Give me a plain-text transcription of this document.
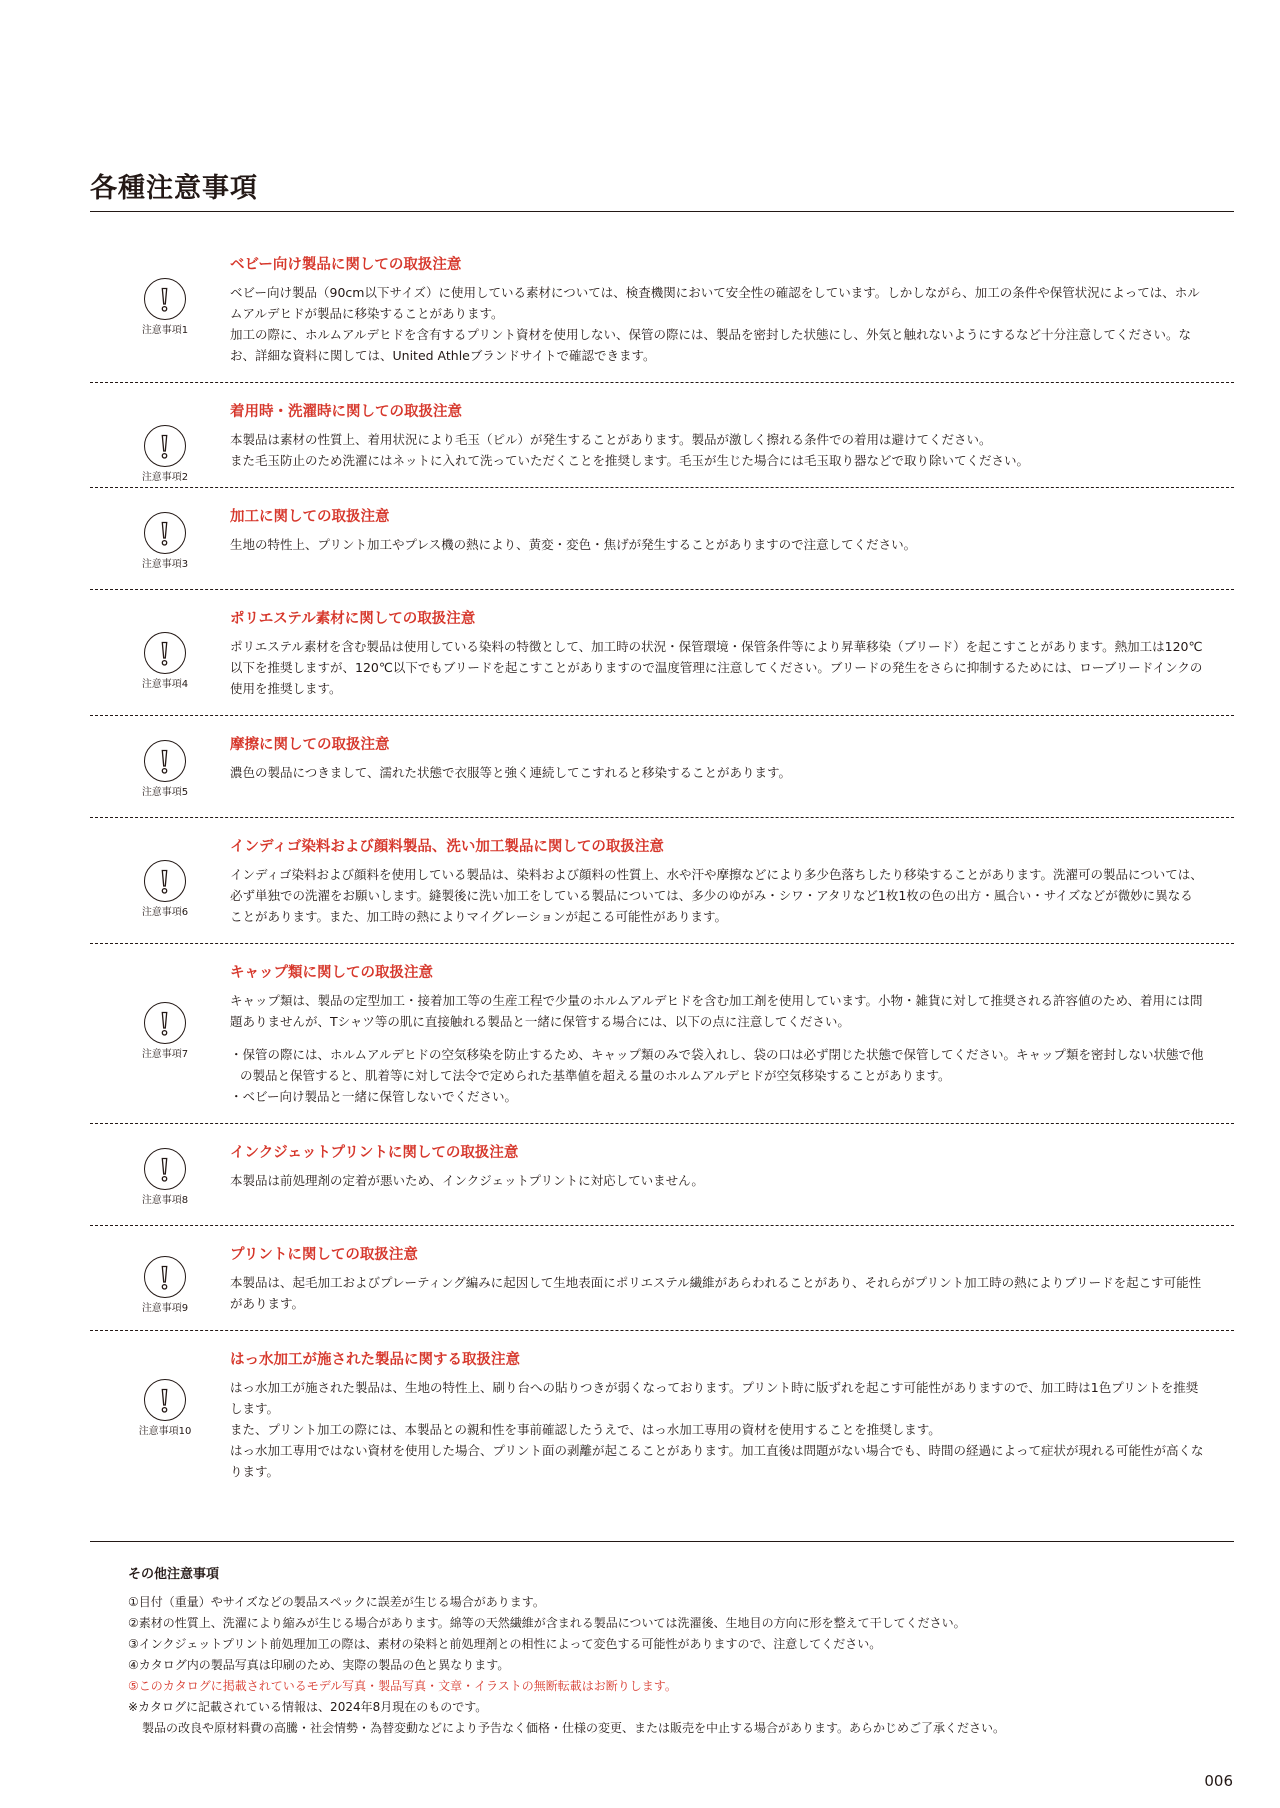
各種注意事項
注意事項1
ベビー向け製品に関しての取扱注意

ベビー向け製品（90cm以下サイズ）に使用している素材については、検査機関において安全性の確認をしています。しかしながら、加工の条件や保管状況によっては、ホルムアルデヒドが製品に移染することがあります。

加工の際に、ホルムアルデヒドを含有するプリント資材を使用しない、保管の際には、製品を密封した状態にし、外気と触れないようにするなど十分注意してください。なお、詳細な資料に関しては、United Athleブランドサイトで確認できます。

注意事項2
着用時・洗濯時に関しての取扱注意

本製品は素材の性質上、着用状況により毛玉（ピル）が発生することがあります。製品が激しく擦れる条件での着用は避けてください。

また毛玉防止のため洗濯にはネットに入れて洗っていただくことを推奨します。毛玉が生じた場合には毛玉取り器などで取り除いてください。

注意事項3
加工に関しての取扱注意

生地の特性上、プリント加工やプレス機の熱により、黄変・変色・焦げが発生することがありますので注意してください。

注意事項4
ポリエステル素材に関しての取扱注意

ポリエステル素材を含む製品は使用している染料の特徴として、加工時の状況・保管環境・保管条件等により昇華移染（ブリード）を起こすことがあります。熱加工は120℃以下を推奨しますが、120℃以下でもブリードを起こすことがありますので温度管理に注意してください。ブリードの発生をさらに抑制するためには、ローブリードインクの使用を推奨します。

注意事項5
摩擦に関しての取扱注意

濃色の製品につきまして、濡れた状態で衣服等と強く連続してこすれると移染することがあります。

注意事項6
インディゴ染料および顔料製品、洗い加工製品に関しての取扱注意

インディゴ染料および顔料を使用している製品は、染料および顔料の性質上、水や汗や摩擦などにより多少色落ちしたり移染することがあります。洗濯可の製品については、必ず単独での洗濯をお願いします。縫製後に洗い加工をしている製品については、多少のゆがみ・シワ・アタリなど1枚1枚の色の出方・風合い・サイズなどが微妙に異なることがあります。また、加工時の熱によりマイグレーションが起こる可能性があります。

注意事項7
キャップ類に関しての取扱注意

キャップ類は、製品の定型加工・接着加工等の生産工程で少量のホルムアルデヒドを含む加工剤を使用しています。小物・雑貨に対して推奨される許容値のため、着用には問題ありませんが、Tシャツ等の肌に直接触れる製品と一緒に保管する場合には、以下の点に注意してください。

・保管の際には、ホルムアルデヒドの空気移染を防止するため、キャップ類のみで袋入れし、袋の口は必ず閉じた状態で保管してください。キャップ類を密封しない状態で他の製品と保管すると、肌着等に対して法令で定められた基準値を超える量のホルムアルデヒドが空気移染することがあります。

・ベビー向け製品と一緒に保管しないでください。

注意事項8
インクジェットプリントに関しての取扱注意

本製品は前処理剤の定着が悪いため、インクジェットプリントに対応していません。

注意事項9
プリントに関しての取扱注意

本製品は、起毛加工およびプレーティング編みに起因して生地表面にポリエステル繊維があらわれることがあり、それらがプリント加工時の熱によりブリードを起こす可能性があります。

注意事項10
はっ水加工が施された製品に関する取扱注意

はっ水加工が施された製品は、生地の特性上、刷り台への貼りつきが弱くなっております。プリント時に版ずれを起こす可能性がありますので、加工時は1色プリントを推奨します。

また、プリント加工の際には、本製品との親和性を事前確認したうえで、はっ水加工専用の資材を使用することを推奨します。

はっ水加工専用ではない資材を使用した場合、プリント面の剥離が起こることがあります。加工直後は問題がない場合でも、時間の経過によって症状が現れる可能性が高くなります。

その他注意事項

①目付（重量）やサイズなどの製品スペックに誤差が生じる場合があります。

②素材の性質上、洗濯により縮みが生じる場合があります。綿等の天然繊維が含まれる製品については洗濯後、生地目の方向に形を整えて干してください。

③インクジェットプリント前処理加工の際は、素材の染料と前処理剤との相性によって変色する可能性がありますので、注意してください。

④カタログ内の製品写真は印刷のため、実際の製品の色と異なります。

⑤このカタログに掲載されているモデル写真・製品写真・文章・イラストの無断転載はお断りします。

※カタログに記載されている情報は、2024年8月現在のものです。

製品の改良や原材料費の高騰・社会情勢・為替変動などにより予告なく価格・仕様の変更、または販売を中止する場合があります。あらかじめご了承ください。

006
